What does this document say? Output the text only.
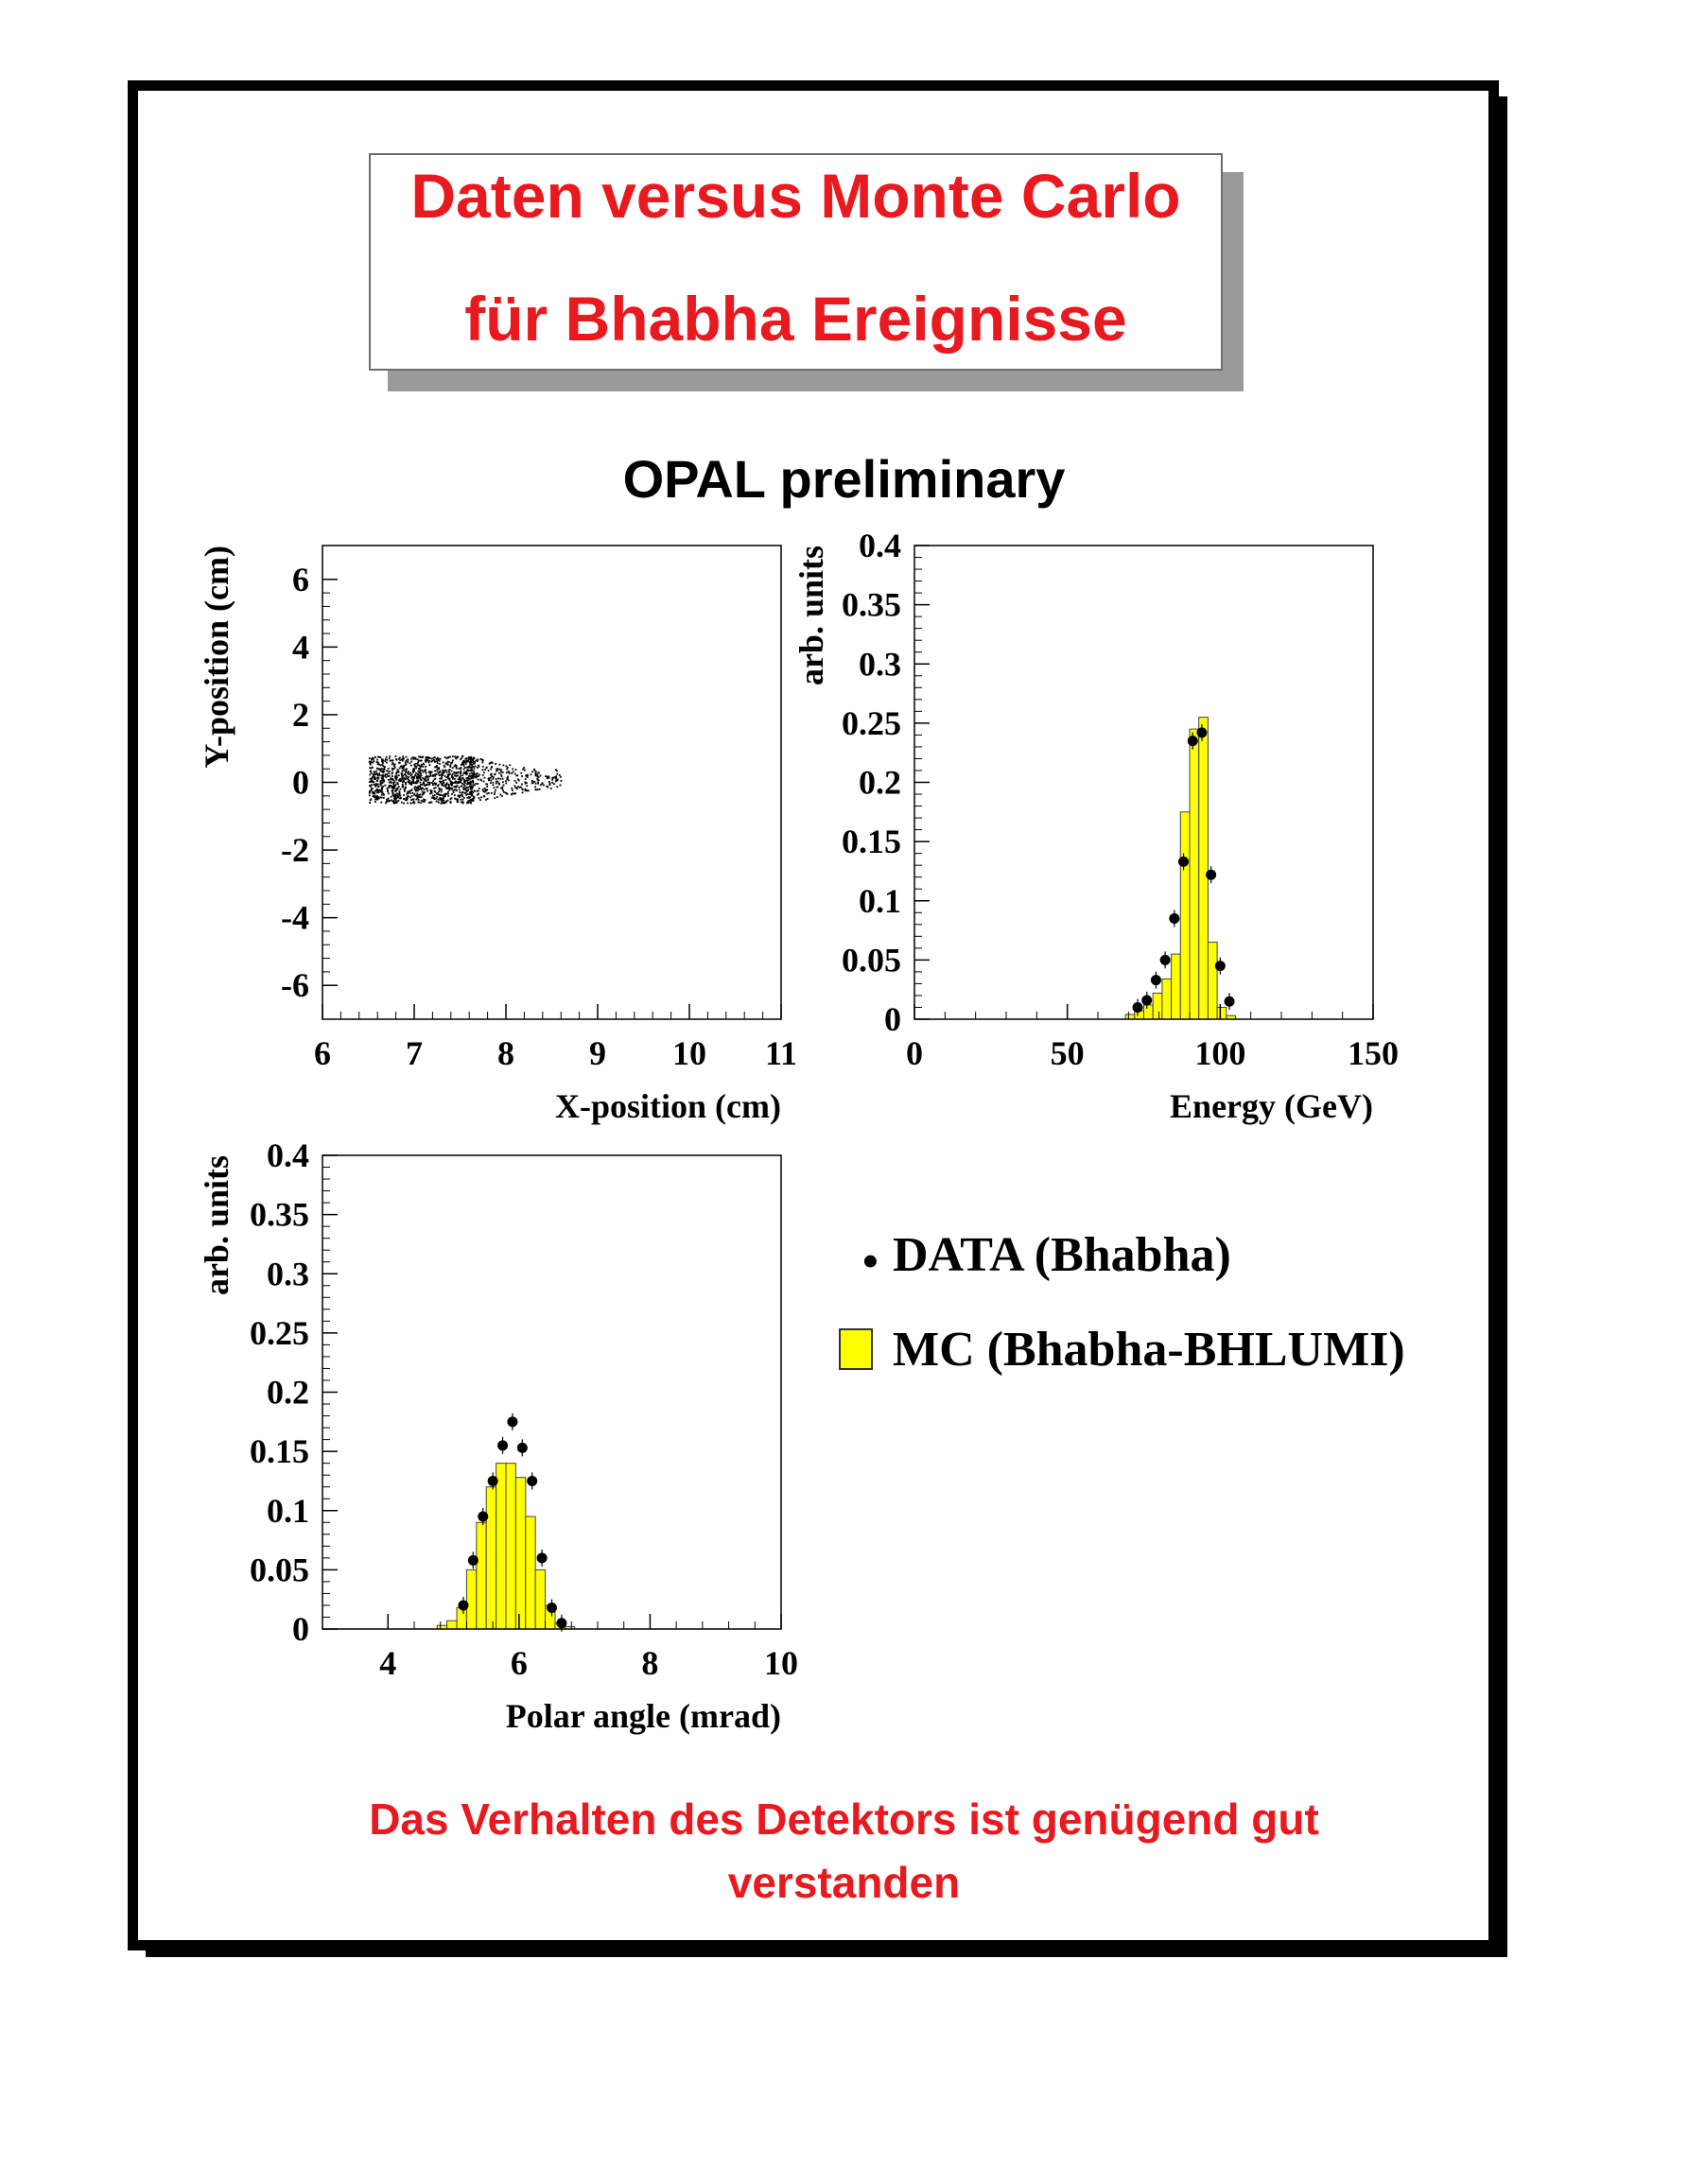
Daten versus Monte Carlo
für Bhabha Ereignisse
OPAL preliminary
6 7 8 9 10 11
-6
-4
-2
0
2
4
6
X-position (cm)
Y-position (cm)
0	50	100	150
0
0.05
0.1
0.15
0.2
0.25
0.3
0.35
0.4
Energy (GeV)
arb. units
4	6	8	10
0
0.05
0.1
0.15
0.2
0.25
0.3
0.35
0.4
Polar angle (mrad)
arb. units	• DATA (Bhabha)
MC (Bhabha-BHLUMI)
Das Verhalten des Detektors ist genügend gut
verstanden
